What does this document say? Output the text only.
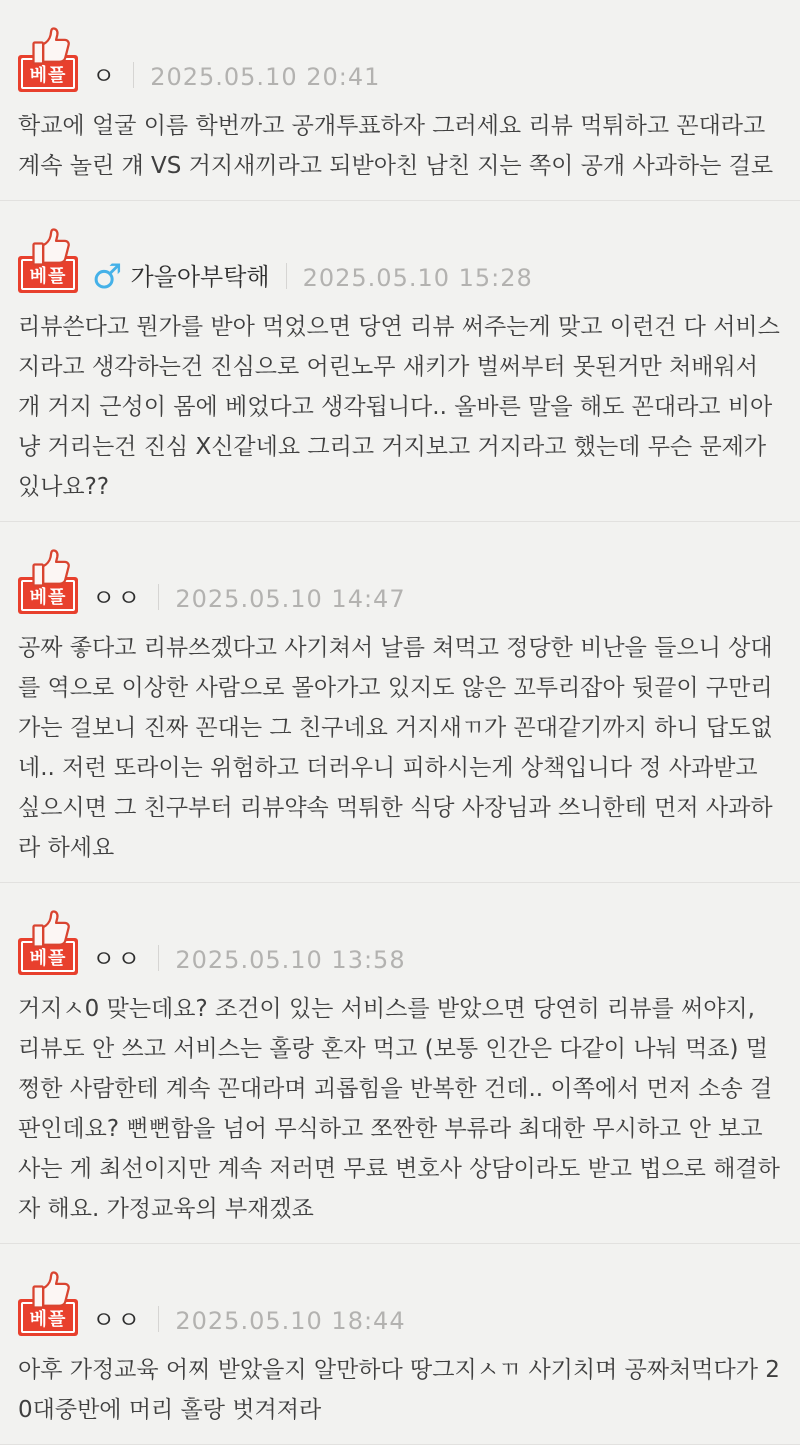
베플	ㅇ 2025.05.10 20:41
학교에 얼굴 이름 학번까고 공개투표하자 그러세요 리뷰 먹튀하고 꼰대라고 계속 놀린 걔 VS 거지새끼라고 되받아친 남친 지는 쪽이 공개 사과하는 걸로
베플 ♂ 가을아부탁해 2025.05.10 15:28
리뷰쓴다고 뭔가를 받아 먹었으면 당연 리뷰 써주는게 맞고 이런건 다 서비스지라고 생각하는건 진심으로 어린노무 새키가 벌써부터 못된거만 처배워서 개 거지 근성이 몸에 베었다고 생각됩니다.. 올바른 말을 해도 꼰대라고 비아냥 거리는건 진심 X신같네요 그리고 거지보고 거지라고 했는데 무슨 문제가 있나요??
베플	ㅇㅇ 2025.05.10 14:47
공짜 좋다고 리뷰쓰겠다고 사기쳐서 날름 쳐먹고 정당한 비난을 들으니 상대를 역으로 이상한 사람으로 몰아가고 있지도 않은 꼬투리잡아 뒷끝이 구만리 가는 걸보니 진짜 꼰대는 그 친구네요 거지새ㄲ가 꼰대같기까지 하니 답도없네.. 저런 또라이는 위험하고 더러우니 피하시는게 상책입니다 정 사과받고 싶으시면 그 친구부터 리뷰약속 먹튀한 식당 사장님과 쓰니한테 먼저 사과하라 하세요
베플	ㅇㅇ 2025.05.10 13:58
거지ㅅ0 맞는데요? 조건이 있는 서비스를 받았으면 당연히 리뷰를 써야지, 리뷰도 안 쓰고 서비스는 홀랑 혼자 먹고 (보통 인간은 다같이 나눠 먹죠) 멀쩡한 사람한테 계속 꼰대라며 괴롭힘을 반복한 건데.. 이쪽에서 먼저 소송 걸 판인데요? 뻔뻔함을 넘어 무식하고 쪼짠한 부류라 최대한 무시하고 안 보고 사는 게 최선이지만 계속 저러면 무료 변호사 상담이라도 받고 법으로 해결하자 해요. 가정교육의 부재겠죠
베플	ㅇㅇ 2025.05.10 18:44
아후 가정교육 어찌 받았을지 알만하다 땅그지ㅅㄲ 사기치며 공짜처먹다가 20대중반에 머리 홀랑 벗겨져라
